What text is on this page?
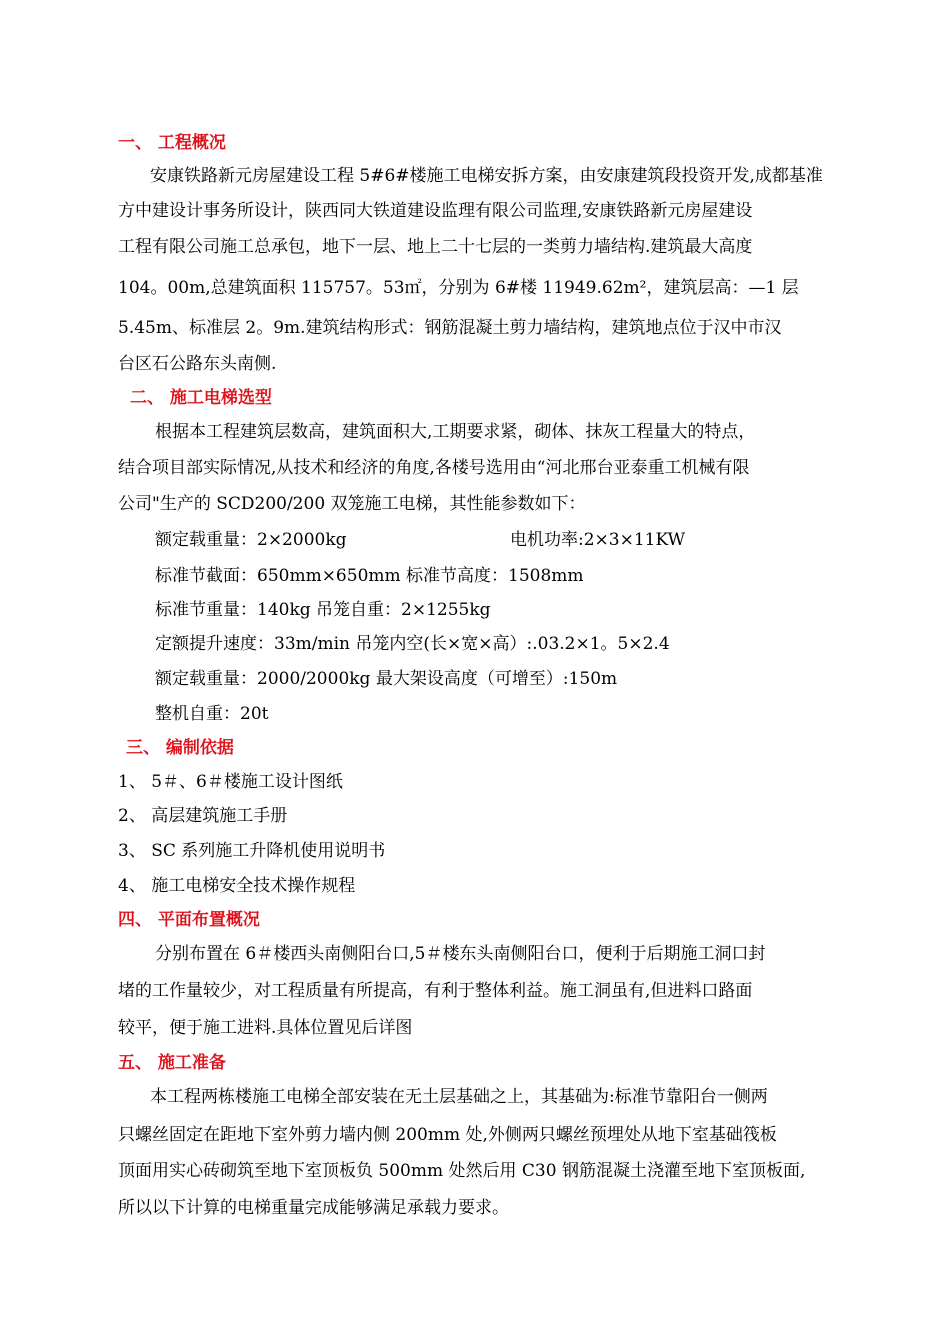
一、 工程概况
安康铁路新元房屋建设工程 5#6#楼施工电梯安拆方案，由安康建筑段投资开发,成都基准
方中建设计事务所设计，陕西同大铁道建设监理有限公司监理,安康铁路新元房屋建设
工程有限公司施工总承包，地下一层、地上二十七层的一类剪力墙结构.建筑最大高度
104。00m,总建筑面积 115757。53㎡，分别为 6#楼 11949.62m²，建筑层高：—1 层
5.45m、标准层 2。9m.建筑结构形式：钢筋混凝土剪力墙结构，建筑地点位于汉中市汉
台区石公路东头南侧.
二、 施工电梯选型
根据本工程建筑层数高，建筑面积大,工期要求紧，砌体、抹灰工程量大的特点，
结合项目部实际情况,从技术和经济的角度,各楼号选用由“河北邢台亚泰重工机械有限
公司"生产的 SCD200/200 双笼施工电梯，其性能参数如下：
额定载重量：2×2000kg	电机功率:2×3×11KW
标准节截面：650mm×650mm 标准节高度：1508mm
标准节重量：140kg 吊笼自重：2×1255kg
定额提升速度：33m/min 吊笼内空(长×宽×高）:.03.2×1。5×2.4
额定载重量：2000/2000kg 最大架设高度（可增至）:150m
整机自重：20t
三、 编制依据
1、 5＃、6＃楼施工设计图纸
2、 高层建筑施工手册
3、 SC 系列施工升降机使用说明书
4、 施工电梯安全技术操作规程
四、 平面布置概况
分别布置在 6＃楼西头南侧阳台口,5＃楼东头南侧阳台口，便利于后期施工洞口封
堵的工作量较少，对工程质量有所提高，有利于整体利益。施工洞虽有,但进料口路面
较平，便于施工进料.具体位置见后详图
五、 施工准备
本工程两栋楼施工电梯全部安装在无土层基础之上，其基础为:标准节靠阳台一侧两
只螺丝固定在距地下室外剪力墙内侧 200mm 处,外侧两只螺丝预埋处从地下室基础筏板
顶面用实心砖砌筑至地下室顶板负 500mm 处然后用 C30 钢筋混凝土浇灌至地下室顶板面,
所以以下计算的电梯重量完成能够满足承载力要求。
